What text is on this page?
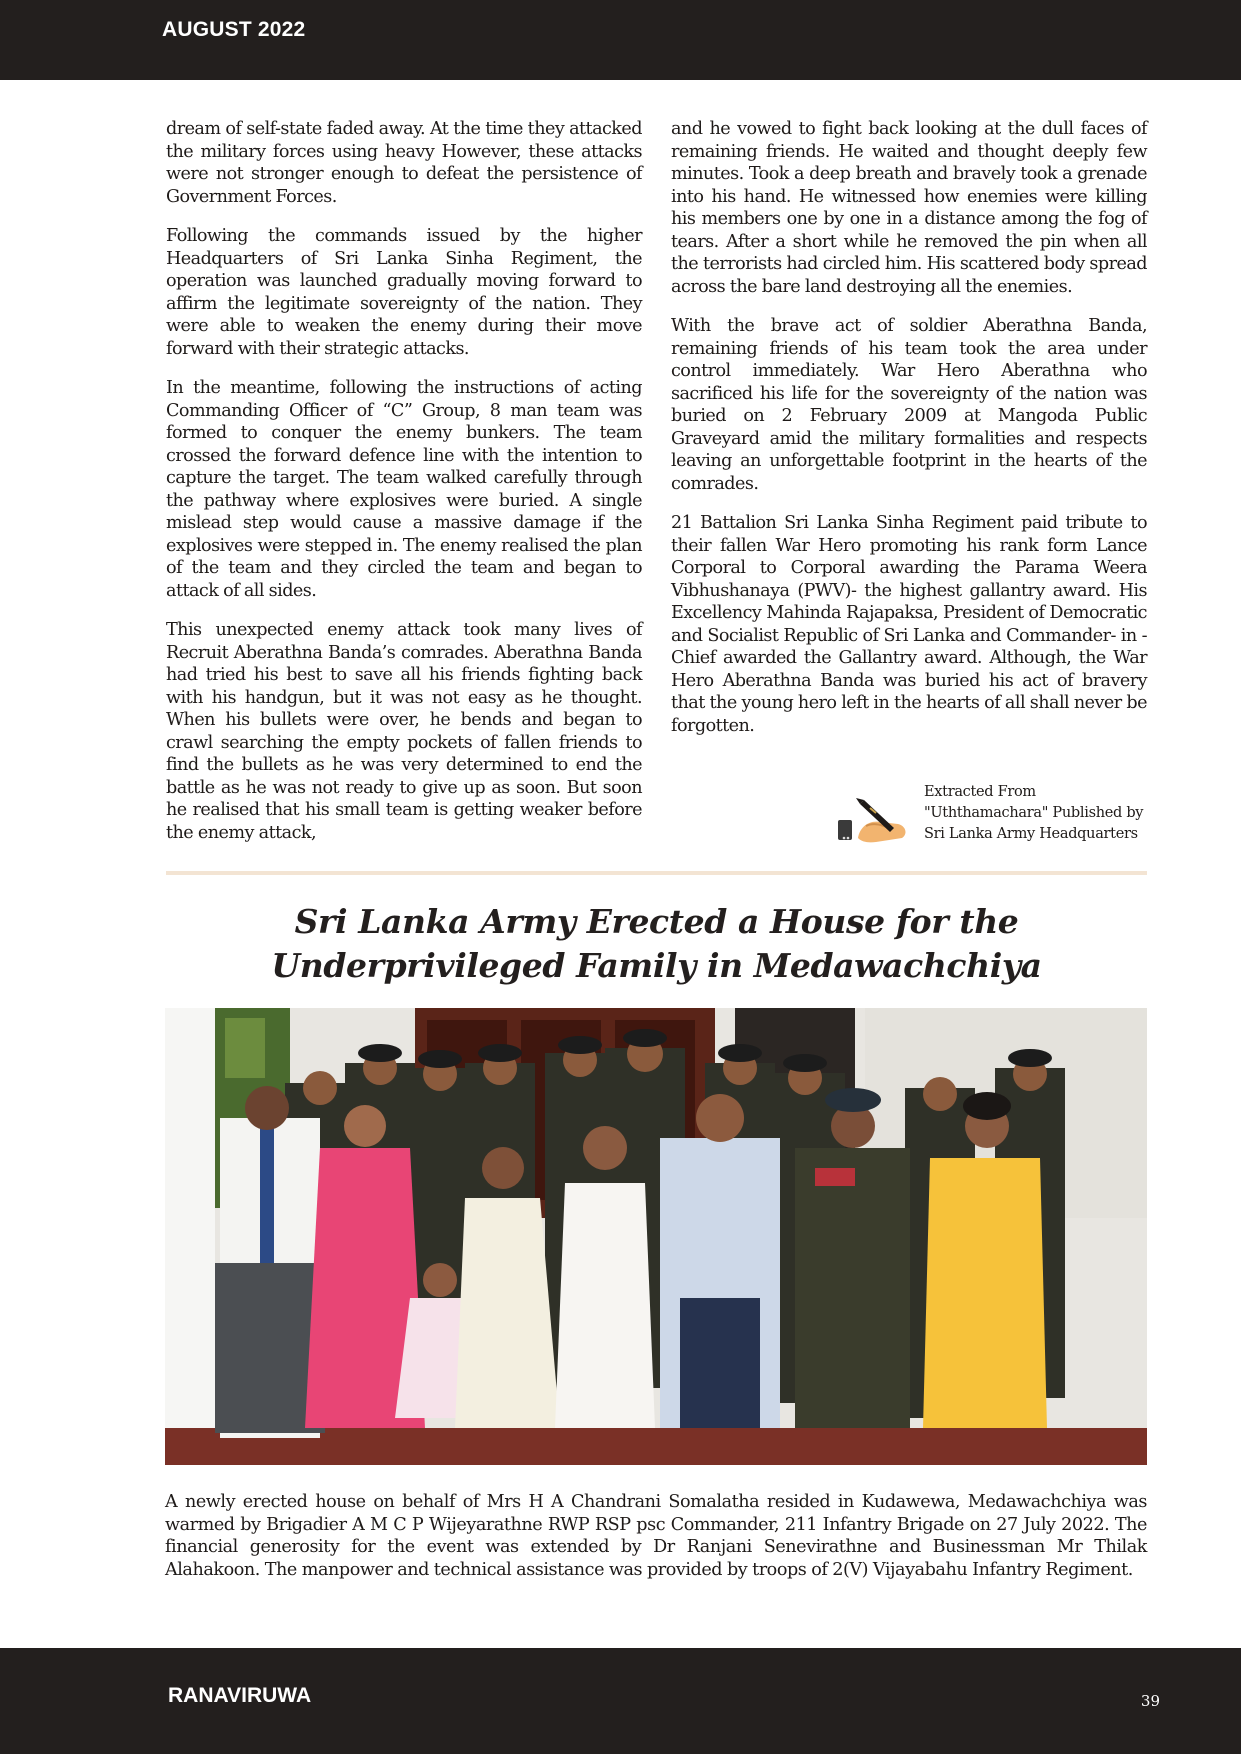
AUGUST 2022

dream of self-state faded away. At the time they attacked the military forces using heavy However, these attacks were not stronger enough to defeat the persistence of Government Forces.

Following the commands issued by the higher Headquarters of Sri Lanka Sinha Regiment, the operation was launched gradually moving forward to affirm the legitimate sovereignty of the nation. They were able to weaken the enemy during their move forward with their strategic attacks.

In the meantime, following the instructions of acting Commanding Officer of “C” Group, 8 man team was formed to conquer the enemy bunkers. The team crossed the forward defence line with the intention to capture the target. The team walked carefully through the pathway where explosives were buried. A single mislead step would cause a massive damage if the explosives were stepped in. The enemy realised the plan of the team and they circled the team and began to attack of all sides.

This unexpected enemy attack took many lives of Recruit Aberathna Banda’s comrades. Aberathna Banda had tried his best to save all his friends fighting back with his handgun, but it was not easy as he thought. When his bullets were over, he bends and began to crawl searching the empty pockets of fallen friends to find the bullets as he was very determined to end the battle as he was not ready to give up as soon. But soon he realised that his small team is getting weaker before the enemy attack,

and he vowed to fight back looking at the dull faces of remaining friends. He waited and thought deeply few minutes. Took a deep breath and bravely took a grenade into his hand. He witnessed how enemies were killing his members one by one in a distance among the fog of tears. After a short while he removed the pin when all the terrorists had circled him. His scattered body spread across the bare land destroying all the enemies.

With the brave act of soldier Aberathna Banda, remaining friends of his team took the area under control immediately. War Hero Aberathna who sacrificed his life for the sovereignty of the nation was buried on 2 February 2009 at Mangoda Public Graveyard amid the military formalities and respects leaving an unforgettable footprint in the hearts of the comrades.

21 Battalion Sri Lanka Sinha Regiment paid tribute to their fallen War Hero promoting his rank form Lance Corporal to Corporal awarding the Parama Weera Vibhushanaya (PWV)- the highest gallantry award. His Excellency Mahinda Rajapaksa, President of Democratic and Socialist Republic of Sri Lanka and Commander- in -Chief awarded the Gallantry award. Although, the War Hero Aberathna Banda was buried his act of bravery that the young hero left in the hearts of all shall never be forgotten.

Extracted From "Uththamachara" Published by Sri Lanka Army Headquarters
Sri Lanka Army Erected a House for the Underprivileged Family in Medawachchiya
A newly erected house on behalf of Mrs H A Chandrani Somalatha resided in Kudawewa, Medawachchiya was warmed by Brigadier A M C P Wijeyarathne RWP RSP psc Commander, 211 Infantry Brigade on 27 July 2022. The financial generosity for the event was extended by Dr Ranjani Senevirathne and Businessman Mr Thilak Alahakoon. The manpower and technical assistance was provided by troops of 2(V) Vijayabahu Infantry Regiment.
RANAVIRUWA	39
